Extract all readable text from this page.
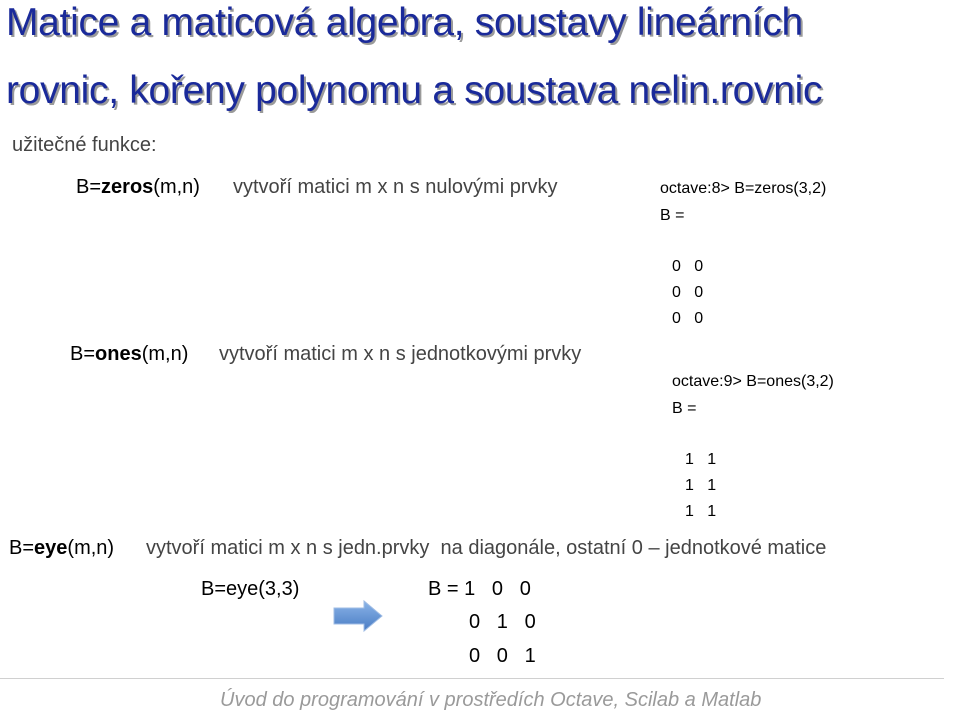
Matice a maticová algebra, soustavy lineárních
rovnic, kořeny polynomu a soustava nelin.rovnic
užitečné funkce:
B=zeros(m,n) vytvoří matici m x n s nulovými prvky	octave:8> B=zeros(3,2)
B =
0   0
0   0
0   0
B=ones(m,n) vytvoří matici m x n s jednotkovými prvky
octave:9> B=ones(3,2)
B =
1   1
1   1
1   1
B=eye(m,n) vytvoří matici m x n s jedn.prvky  na diagonále, ostatní 0 – jednotkové matice
B=eye(3,3)	B = 1   0   0
0   1   0
0   0   1
Úvod do programování v prostředích Octave, Scilab a Matlab
